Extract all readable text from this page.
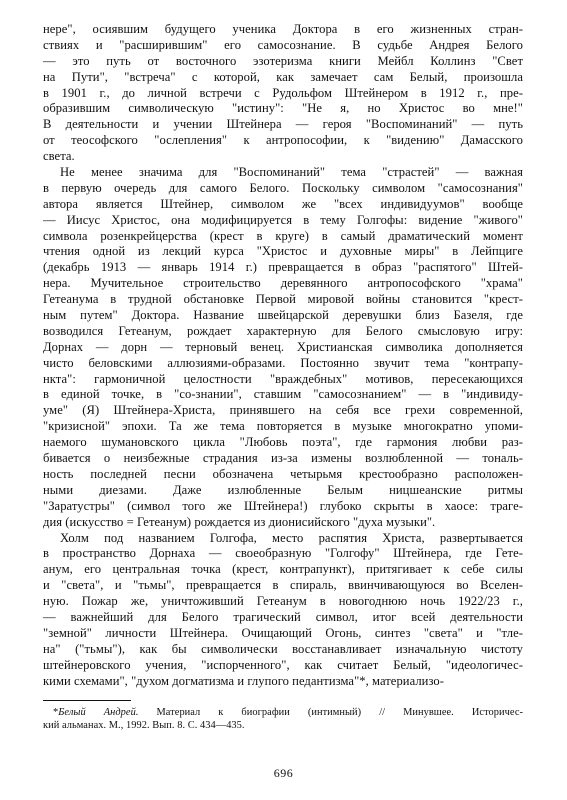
нере", осиявшим будущего ученика Доктора в его жизненных стран-
ствиях и "расширившим" его самосознание. В судьбе Андрея Белого
— это путь от восточного эзотеризма книги Мейбл Коллинз "Свет
на Пути", "встреча" с которой, как замечает сам Белый, произошла
в 1901 г., до личной встречи с Рудольфом Штейнером в 1912 г., пре-
образившим символическую "истину": "Не я, но Христос во мне!"
В деятельности и учении Штейнера — героя "Воспоминаний" — путь
от теософского "ослепления" к антропософии, к "видению" Дамасского
света.
Не менее значима для "Воспоминаний" тема "страстей" — важная
в первую очередь для самого Белого. Поскольку символом "самосознания"
автора является Штейнер, символом же "всех индивидуумов" вообще
— Иисус Христос, она модифицируется в тему Голгофы: видение "живого"
символа розенкрейцерства (крест в круге) в самый драматический момент
чтения одной из лекций курса "Христос и духовные миры" в Лейпциге
(декабрь 1913 — январь 1914 г.) превращается в образ "распятого" Штей-
нера. Мучительное строительство деревянного антропософского "храма"
Гетеанума в трудной обстановке Первой мировой войны становится "крест-
ным путем" Доктора. Название швейцарской деревушки близ Базеля, где
возводился Гетеанум, рождает характерную для Белого смысловую игру:
Дорнах — дорн — терновый венец. Христианская символика дополняется
чисто беловскими аллюзиями-образами. Постоянно звучит тема "контрапу-
нкта": гармоничной целостности "враждебных" мотивов, пересекающихся
в единой точке, в "со-знании", ставшим "самосознанием" — в "индивиду-
уме" (Я) Штейнера-Христа, принявшего на себя все грехи современной,
"кризисной" эпохи. Та же тема повторяется в музыке многократно упоми-
наемого шумановского цикла "Любовь поэта", где гармония любви раз-
бивается о неизбежные страдания из-за измены возлюбленной — тональ-
ность последней песни обозначена четырьмя крестообразно расположен-
ными диезами. Даже излюбленные Белым ницшеанские ритмы
"Заратустры" (символ того же Штейнера!) глубоко скрыты в хаосе: траге-
дия (искусство = Гетеанум) рождается из дионисийского "духа музыки".
Холм под названием Голгофа, место распятия Христа, развертывается
в пространство Дорнаха — своеобразную "Голгофу" Штейнера, где Гете-
анум, его центральная точка (крест, контрапункт), притягивает к себе силы
и "света", и "тьмы", превращается в спираль, ввинчивающуюся во Вселен-
ную. Пожар же, уничтоживший Гетеанум в новогоднюю ночь 1922/23 г.,
— важнейший для Белого трагический символ, итог всей деятельности
"земной" личности Штейнера. Очищающий Огонь, синтез "света" и "тле-
на" ("тьмы"), как бы символически восстанавливает изначальную чистоту
штейнеровского учения, "испорченного", как считает Белый, "идеологичес-
кими схемами", "духом догматизма и глупого педантизма"*, материализо-
*Белый Андрей. Материал к биографии (интимный) // Минувшее. Историчес-
кий альманах. М., 1992. Вып. 8. С. 434—435.
696
